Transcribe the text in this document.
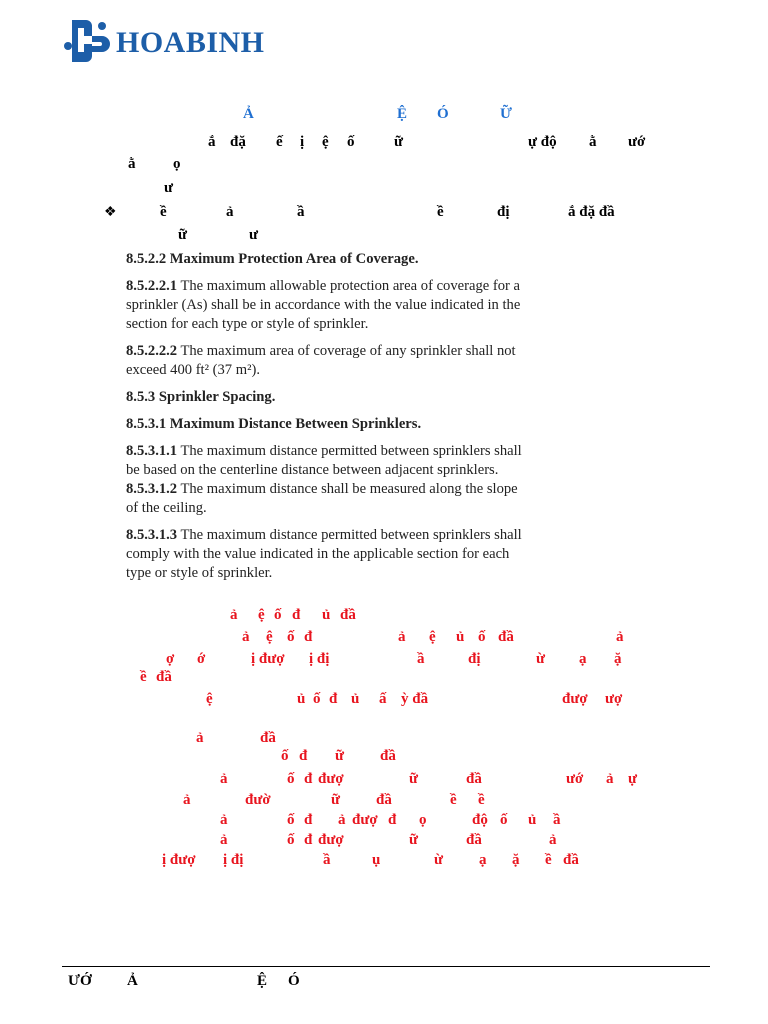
HOABINH
Ả	Ệ Ó	Ữ
ắ đặ ế ị ệ ố	ữ	ự độ ằ ướ
ằ	ọ
ư
❖	ề	ả	ầ	ề	đị	ắ đặ đầ
ữ	ư

8.5.2.2 Maximum Protection Area of Coverage.

8.5.2.2.1 The maximum allowable protection area of coverage for a sprinkler (As) shall be in accordance with the value indicated in the section for each type or style of sprinkler.

8.5.2.2.2 The maximum area of coverage of any sprinkler shall not exceed 400 ft² (37 m²).

8.5.3 Sprinkler Spacing.

8.5.3.1 Maximum Distance Between Sprinklers.

8.5.3.1.1 The maximum distance permitted between sprinklers shall be based on the centerline distance between adjacent sprinklers.

8.5.3.1.2 The maximum distance shall be measured along the slope of the ceiling.

8.5.3.1.3 The maximum distance permitted between sprinklers shall comply with the value indicated in the applicable section for each type or style of sprinkler.

ả ệ ố đ ủ đầ
ả ệ ố đ	ả ệ ủ ố đầ	ả
ợ ớ	ị đượ ị đị	ầ	đị	ừ ạ ặ
ề đầ
ệ	ủ ố đ ủ ấ ỳ đầ	đượ ượ
ả	đầ
ố đ ữ đầ
ả	ố đ đượ	ữ	đầ	ướ ả ự
ả	đườ	ữ đầ	ề ề
ả	ố đ ả đượ đ ọ	độ ố ủ ầ
ả	ố đ đượ	ữ	đầ	ả
ị đượ ị đị	ầ	ụ	ừ ạ ặ ề đầ
ƯỚ Ả	Ệ Ó
